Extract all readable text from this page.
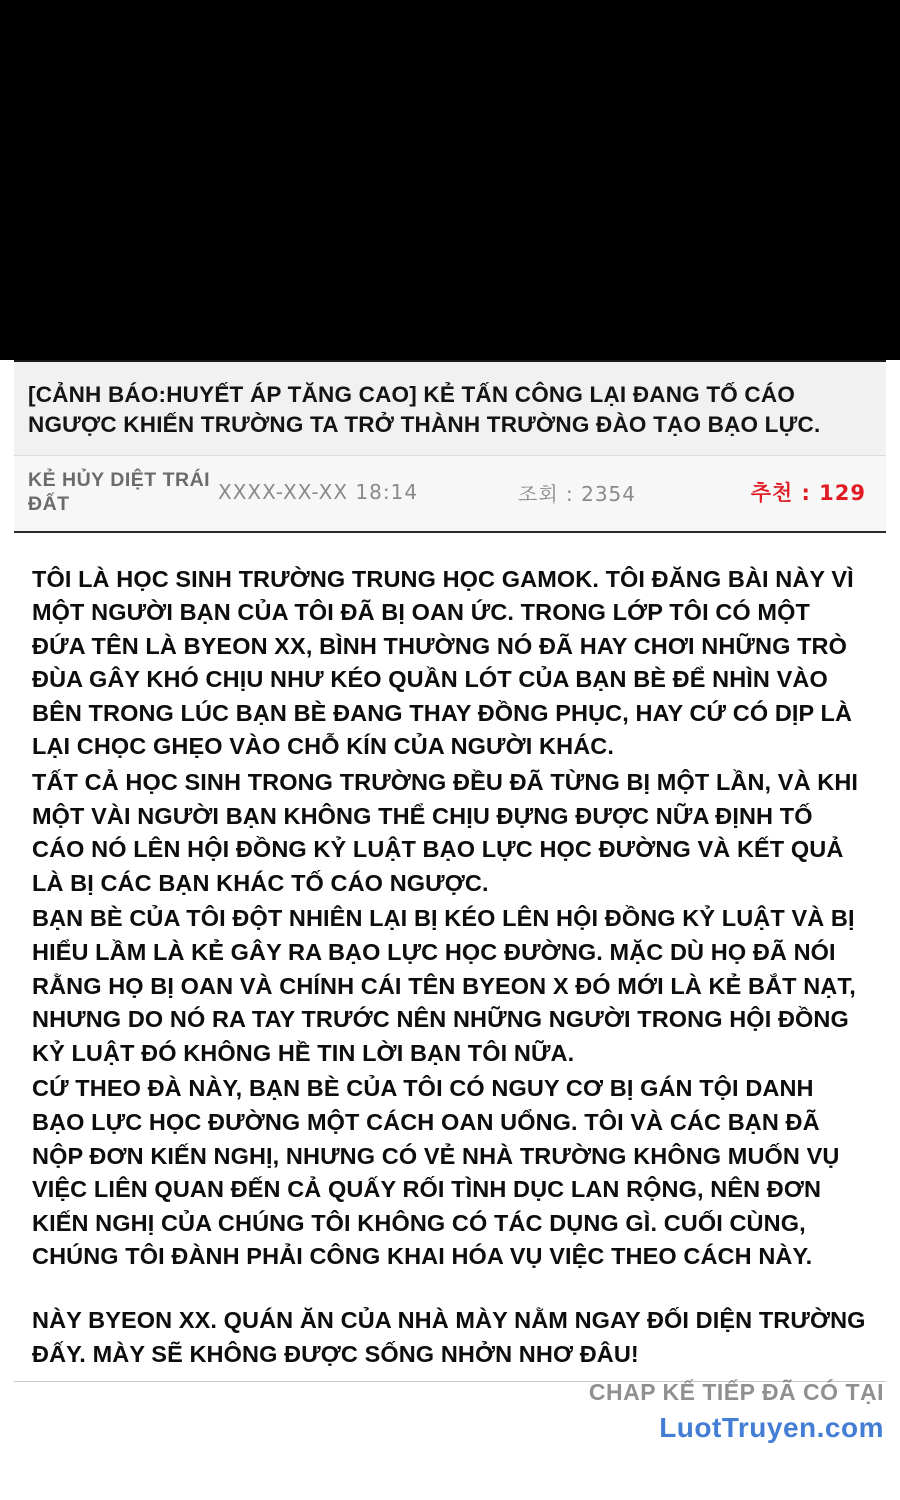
[CẢNH BÁO:HUYẾT ÁP TĂNG CAO] KẺ TẤN CÔNG LẠI ĐANG TỐ CÁO NGƯỢC KHIẾN TRƯỜNG TA TRỞ THÀNH TRƯỜNG ĐÀO TẠO BẠO LỰC.
KẺ HỦY DIỆT TRÁI ĐẤT	XXXX-XX-XX 18:14	조회 : 2354	추천 : 129

TÔI LÀ HỌC SINH TRƯỜNG TRUNG HỌC GAMOK. TÔI ĐĂNG BÀI NÀY VÌ MỘT NGƯỜI BẠN CỦA TÔI ĐÃ BỊ OAN ỨC. TRONG LỚP TÔI CÓ MỘT ĐỨA TÊN LÀ BYEON XX, BÌNH THƯỜNG NÓ ĐÃ HAY CHƠI NHỮNG TRÒ ĐÙA GÂY KHÓ CHỊU NHƯ KÉO QUẦN LÓT CỦA BẠN BÈ ĐỂ NHÌN VÀO BÊN TRONG LÚC BẠN BÈ ĐANG THAY ĐỒNG PHỤC, HAY CỨ CÓ DỊP LÀ LẠI CHỌC GHẸO VÀO CHỖ KÍN CỦA NGƯỜI KHÁC.

TẤT CẢ HỌC SINH TRONG TRƯỜNG ĐỀU ĐÃ TỪNG BỊ MỘT LẦN, VÀ KHI MỘT VÀI NGƯỜI BẠN KHÔNG THỂ CHỊU ĐỰNG ĐƯỢC NỮA ĐỊNH TỐ CÁO NÓ LÊN HỘI ĐỒNG KỶ LUẬT BẠO LỰC HỌC ĐƯỜNG VÀ KẾT QUẢ LÀ BỊ CÁC BẠN KHÁC TỐ CÁO NGƯỢC.

BẠN BÈ CỦA TÔI ĐỘT NHIÊN LẠI BỊ KÉO LÊN HỘI ĐỒNG KỶ LUẬT VÀ BỊ HIỂU LẦM LÀ KẺ GÂY RA BẠO LỰC HỌC ĐƯỜNG. MẶC DÙ HỌ ĐÃ NÓI RẰNG HỌ BỊ OAN VÀ CHÍNH CÁI TÊN BYEON X ĐÓ MỚI LÀ KẺ BẮT NẠT, NHƯNG DO NÓ RA TAY TRƯỚC NÊN NHỮNG NGƯỜI TRONG HỘI ĐỒNG KỶ LUẬT ĐÓ KHÔNG HỀ TIN LỜI BẠN TÔI NỮA.

CỨ THEO ĐÀ NÀY, BẠN BÈ CỦA TÔI CÓ NGUY CƠ BỊ GÁN TỘI DANH BẠO LỰC HỌC ĐƯỜNG MỘT CÁCH OAN UỔNG. TÔI VÀ CÁC BẠN ĐÃ NỘP ĐƠN KIẾN NGHỊ, NHƯNG CÓ VẺ NHÀ TRƯỜNG KHÔNG MUỐN VỤ VIỆC LIÊN QUAN ĐẾN CẢ QUẤY RỐI TÌNH DỤC LAN RỘNG, NÊN ĐƠN KIẾN NGHỊ CỦA CHÚNG TÔI KHÔNG CÓ TÁC DỤNG GÌ. CUỐI CÙNG, CHÚNG TÔI ĐÀNH PHẢI CÔNG KHAI HÓA VỤ VIỆC THEO CÁCH NÀY.

NÀY BYEON XX. QUÁN ĂN CỦA NHÀ MÀY NẰM NGAY ĐỐI DIỆN TRƯỜNG ĐẤY. MÀY SẼ KHÔNG ĐƯỢC SỐNG NHỞN NHƠ ĐÂU!

CHAP KẾ TIẾP ĐÃ CÓ TẠI
LuotTruyen.com
